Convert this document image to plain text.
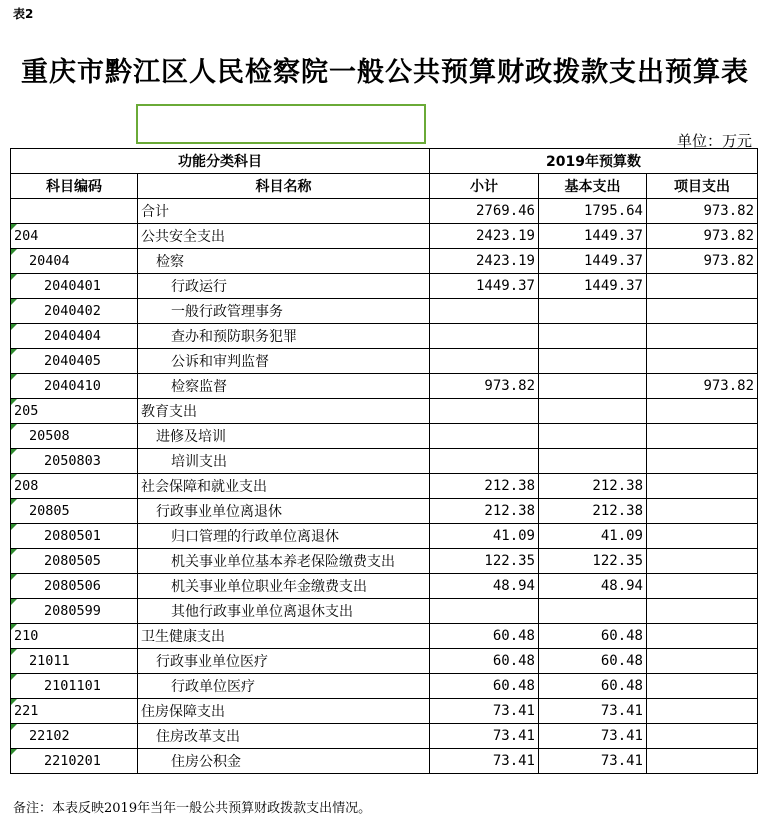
表2
重庆市黔江区人民检察院一般公共预算财政拨款支出预算表
单位：万元
功能分类科目		2019年预算数		
科目编码	科目名称	小计	基本支出	项目支出
	合计	2769.46	1795.64	973.82
204	公共安全支出	2423.19	1449.37	973.82
20404	检察	2423.19	1449.37	973.82
2040401	行政运行	1449.37	1449.37	
2040402	一般行政管理事务			
2040404	查办和预防职务犯罪			
2040405	公诉和审判监督			
2040410	检察监督	973.82		973.82
205	教育支出			
20508	进修及培训			
2050803	培训支出			
208	社会保障和就业支出	212.38	212.38	
20805	行政事业单位离退休	212.38	212.38	
2080501	归口管理的行政单位离退休	41.09	41.09	
2080505	机关事业单位基本养老保险缴费支出	122.35	122.35	
2080506	机关事业单位职业年金缴费支出	48.94	48.94	
2080599	其他行政事业单位离退休支出			
210	卫生健康支出	60.48	60.48	
21011	行政事业单位医疗	60.48	60.48	
2101101	行政单位医疗	60.48	60.48	
221	住房保障支出	73.41	73.41	
22102	住房改革支出	73.41	73.41	
2210201	住房公积金	73.41	73.41	
备注：本表反映2019年当年一般公共预算财政拨款支出情况。
